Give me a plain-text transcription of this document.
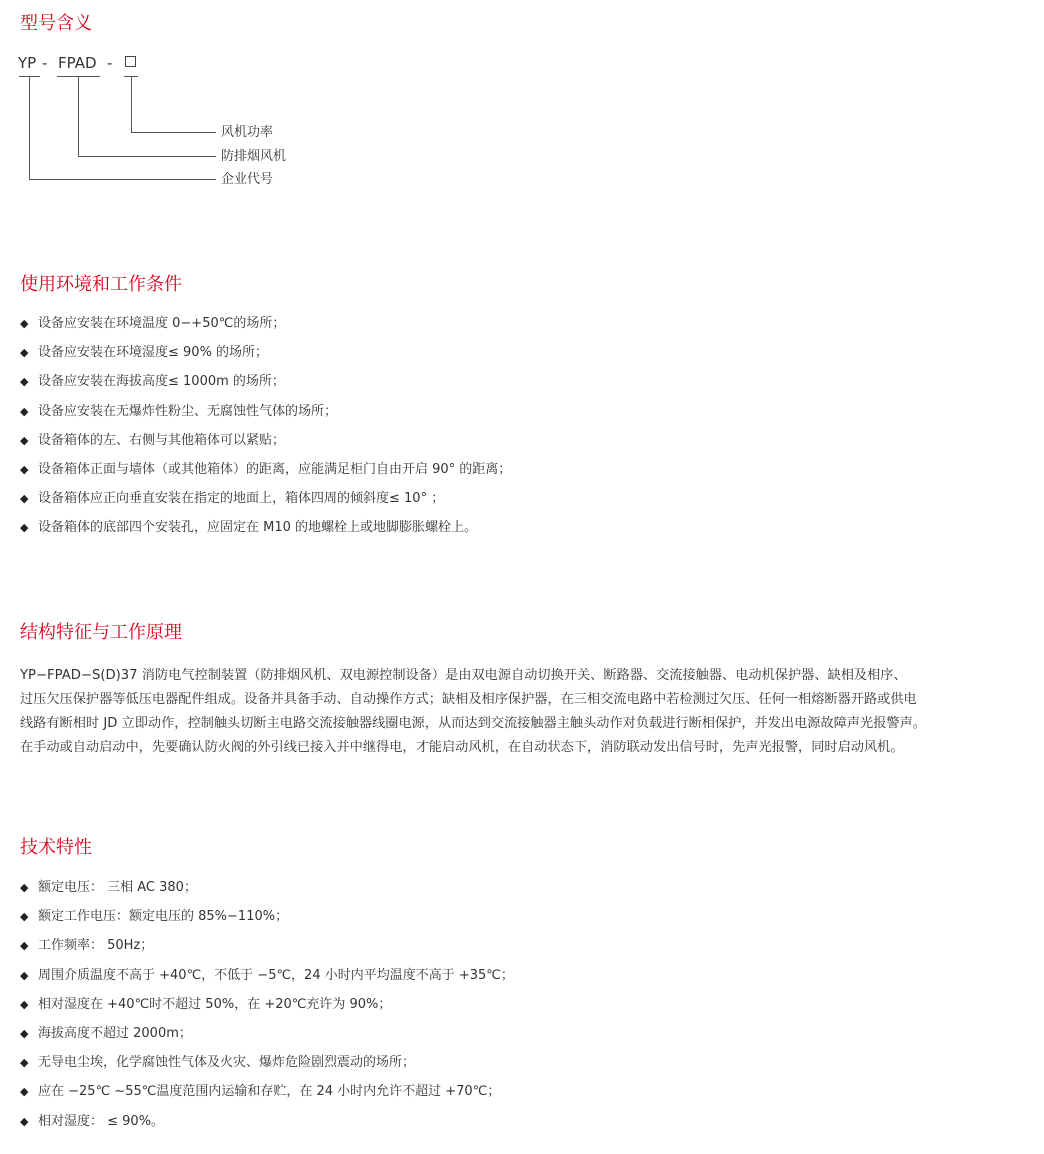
型号含义
YP - FPAD -
风机功率
防排烟风机
企业代号
使用环境和工作条件
◆ 设备应安装在环境温度 0−+50℃的场所；
◆ 设备应安装在环境湿度≤ 90% 的场所；
◆ 设备应安装在海拔高度≤ 1000m 的场所；
◆ 设备应安装在无爆炸性粉尘、无腐蚀性气体的场所；
◆ 设备箱体的左、右侧与其他箱体可以紧贴；
◆ 设备箱体正面与墙体（或其他箱体）的距离，应能满足柜门自由开启 90° 的距离；
◆ 设备箱体应正向垂直安装在指定的地面上，箱体四周的倾斜度≤ 10° ；
◆ 设备箱体的底部四个安装孔，应固定在 M10 的地螺栓上或地脚膨胀螺栓上。
结构特征与工作原理
YP−FPAD−S(D)37 消防电气控制装置（防排烟风机、双电源控制设备）是由双电源自动切换开关、断路器、交流接触器、电动机保护器、缺相及相序、
过压欠压保护器等低压电器配件组成。设备并具备手动、自动操作方式；缺相及相序保护器，在三相交流电路中若检测过欠压、任何一相熔断器开路或供电
线路有断相时 JD 立即动作，控制触头切断主电路交流接触器线圈电源，从而达到交流接触器主触头动作对负载进行断相保护，并发出电源故障声光报警声。
在手动或自动启动中，先要确认防火阀的外引线已接入并中继得电，才能启动风机，在自动状态下，消防联动发出信号时，先声光报警，同时启动风机。
技术特性
◆ 额定电压： 三相 AC 380；
◆ 额定工作电压：额定电压的 85%−110%；
◆ 工作频率： 50Hz；
◆ 周围介质温度不高于 +40℃，不低于 −5℃，24 小时内平均温度不高于 +35℃；
◆ 相对湿度在 +40℃时不超过 50%，在 +20℃充许为 90%；
◆ 海拔高度不超过 2000m；
◆ 无导电尘埃，化学腐蚀性气体及火灾、爆炸危险剧烈震动的场所；
◆ 应在 −25℃ ~55℃温度范围内运输和存贮，在 24 小时内允许不超过 +70℃；
◆ 相对湿度： ≤ 90%。
